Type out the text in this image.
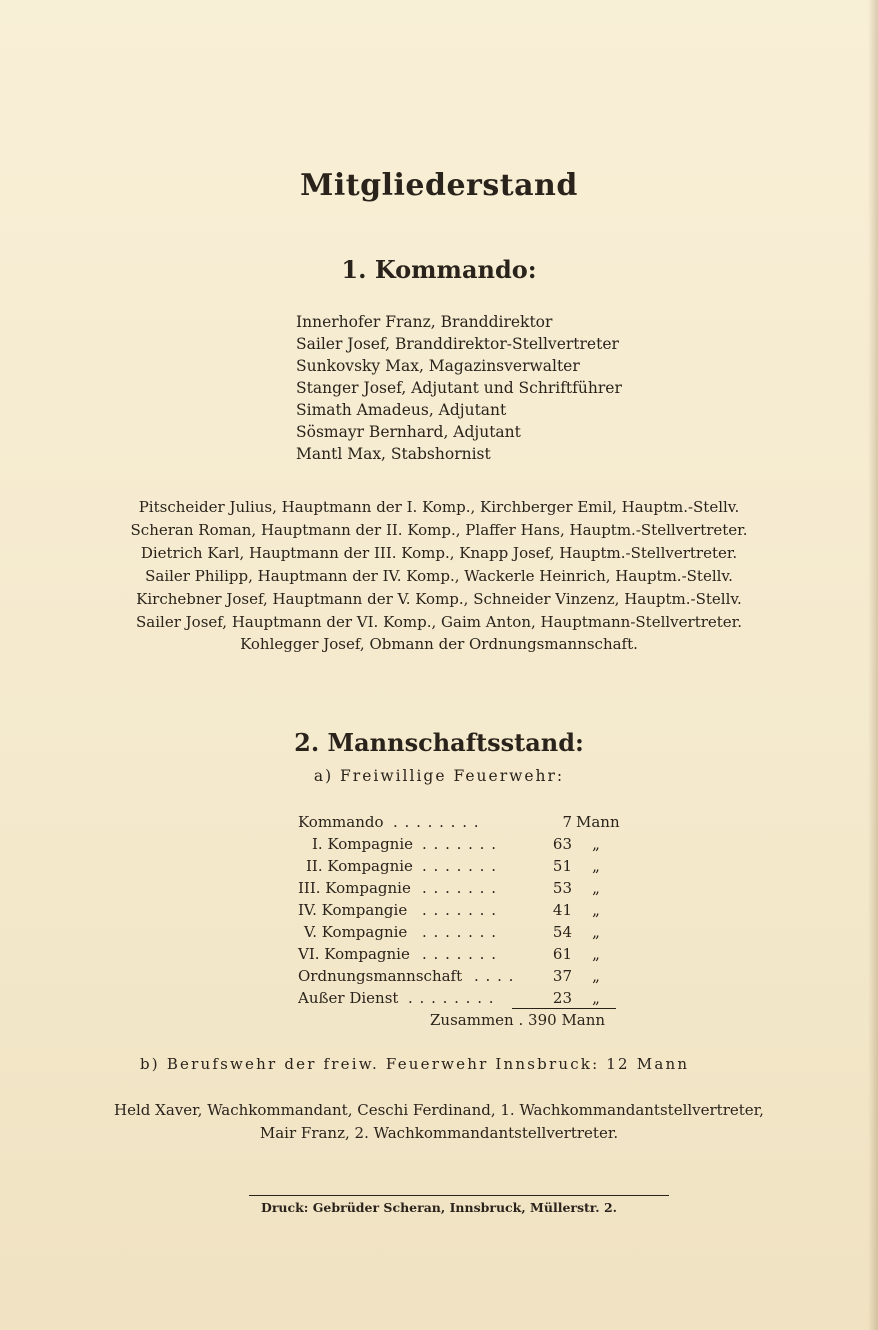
Mitgliederstand
1. Kommando:
Innerhofer Franz, Branddirektor
Sailer Josef, Branddirektor-Stellvertreter
Sunkovsky Max, Magazinsverwalter
Stanger Josef, Adjutant und Schriftführer
Simath Amadeus, Adjutant
Sösmayr Bernhard, Adjutant
Mantl Max, Stabshornist
Pitscheider Julius, Hauptmann der I. Komp., Kirchberger Emil, Hauptm.-Stellv.
Scheran Roman, Hauptmann der II. Komp., Plaffer Hans, Hauptm.-Stellvertreter.
Dietrich Karl, Hauptmann der III. Komp., Knapp Josef, Hauptm.-Stellvertreter.
Sailer Philipp, Hauptmann der IV. Komp., Wackerle Heinrich, Hauptm.-Stellv.
Kirchebner Josef, Hauptmann der V. Komp., Schneider Vinzenz, Hauptm.-Stellv.
Sailer Josef, Hauptmann der VI. Komp., Gaim Anton, Hauptmann-Stellvertreter.
Kohlegger Josef, Obmann der Ordnungsmannschaft.
2. Mannschaftsstand:
a) Freiwillige Feuerwehr:
Kommando . . . . . . . .	7 Mann
I. Kompagnie . . . . . . .	63	„
II. Kompagnie . . . . . . .	51	„
III. Kompagnie . . . . . . .	53	„
IV. Kompangie . . . . . . .	41	„
V. Kompagnie . . . . . . .	54	„
VI. Kompagnie . . . . . . .	61	„
Ordnungsmannschaft . . . .	37	„
Außer Dienst . . . . . . . .	23	„
Zusammen . 390 Mann
b) Berufswehr der freiw. Feuerwehr Innsbruck: 12 Mann
Held Xaver, Wachkommandant, Ceschi Ferdinand, 1. Wachkommandantstellvertreter,
Mair Franz, 2. Wachkommandantstellvertreter.
Druck: Gebrüder Scheran, Innsbruck, Müllerstr. 2.
